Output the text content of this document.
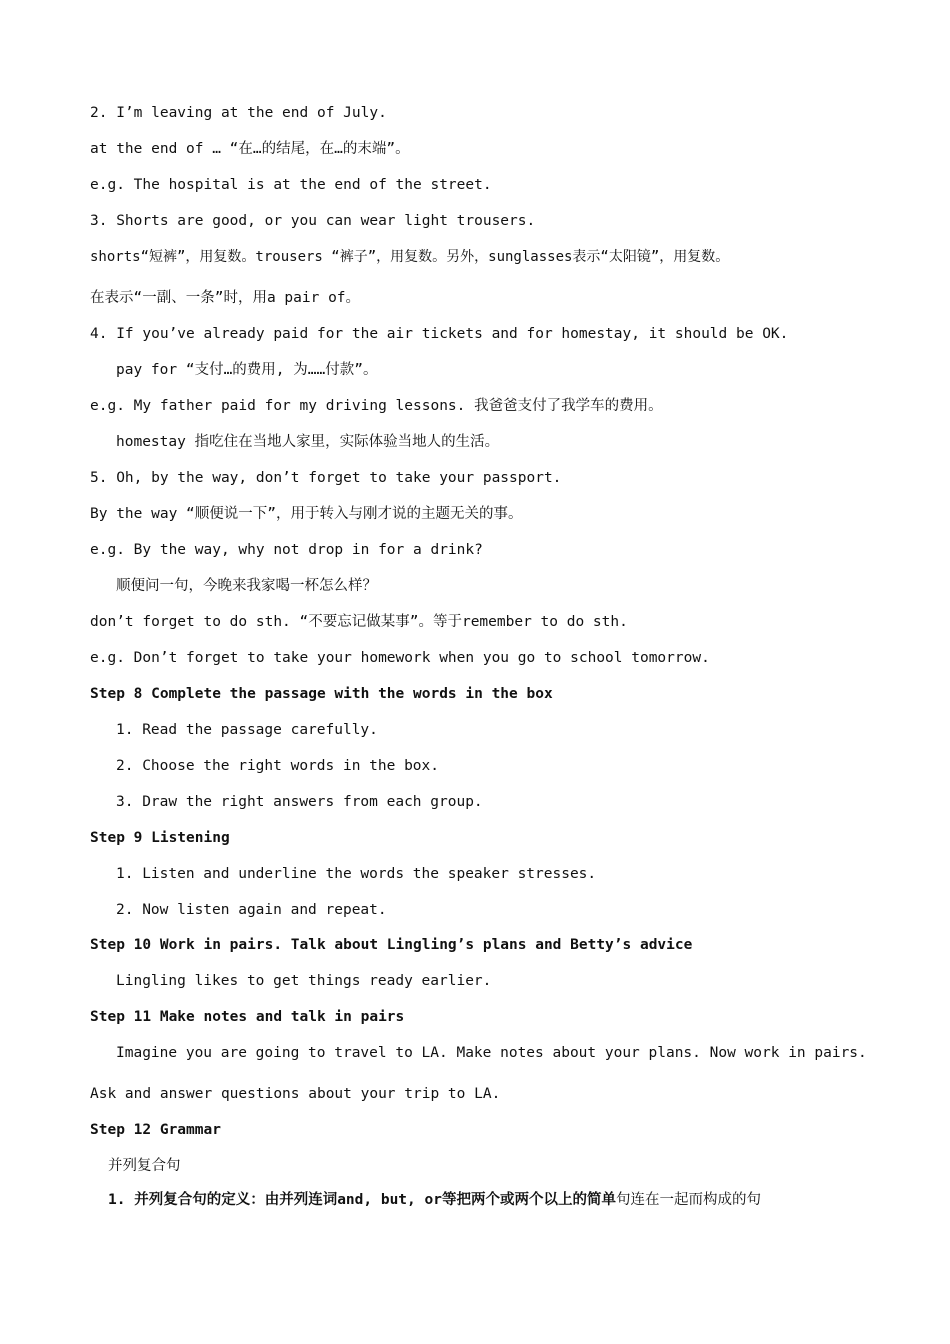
2. I’m leaving at the end of July.
at the end of … “在…的结尾，在…的末端”。
e.g. The hospital is at the end of the street.
3. Shorts are good, or you can wear light trousers.
shorts“短裤”，用复数。trousers “裤子”，用复数。另外，sunglasses表示“太阳镜”，用复数。
在表示“一副、一条”时，用a pair of。
4. If you’ve already paid for the air tickets and for homestay, it should be OK.
pay for “支付…的费用, 为……付款”。
e.g. My father paid for my driving lessons. 我爸爸支付了我学车的费用。
homestay 指吃住在当地人家里，实际体验当地人的生活。
5. Oh, by the way, don’t forget to take your passport.
By the way “顺便说一下”，用于转入与刚才说的主题无关的事。
e.g. By the way, why not drop in for a drink?
顺便问一句，今晚来我家喝一杯怎么样？
don’t forget to do sth. “不要忘记做某事”。等于remember to do sth.
e.g. Don’t forget to take your homework when you go to school tomorrow.
Step 8 Complete the passage with the words in the box
1. Read the passage carefully.
2. Choose the right words in the box.
3. Draw the right answers from each group.
Step 9 Listening
1. Listen and underline the words the speaker stresses.
2. Now listen again and repeat.
Step 10 Work in pairs. Talk about Lingling’s plans and Betty’s advice
Lingling likes to get things ready earlier.
Step 11 Make notes and talk in pairs
Imagine you are going to travel to LA. Make notes about your plans. Now work in pairs.
Ask and answer questions about your trip to LA.
Step 12 Grammar
并列复合句
1. 并列复合句的定义：由并列连词and, but, or等把两个或两个以上的简单句连在一起而构成的句
